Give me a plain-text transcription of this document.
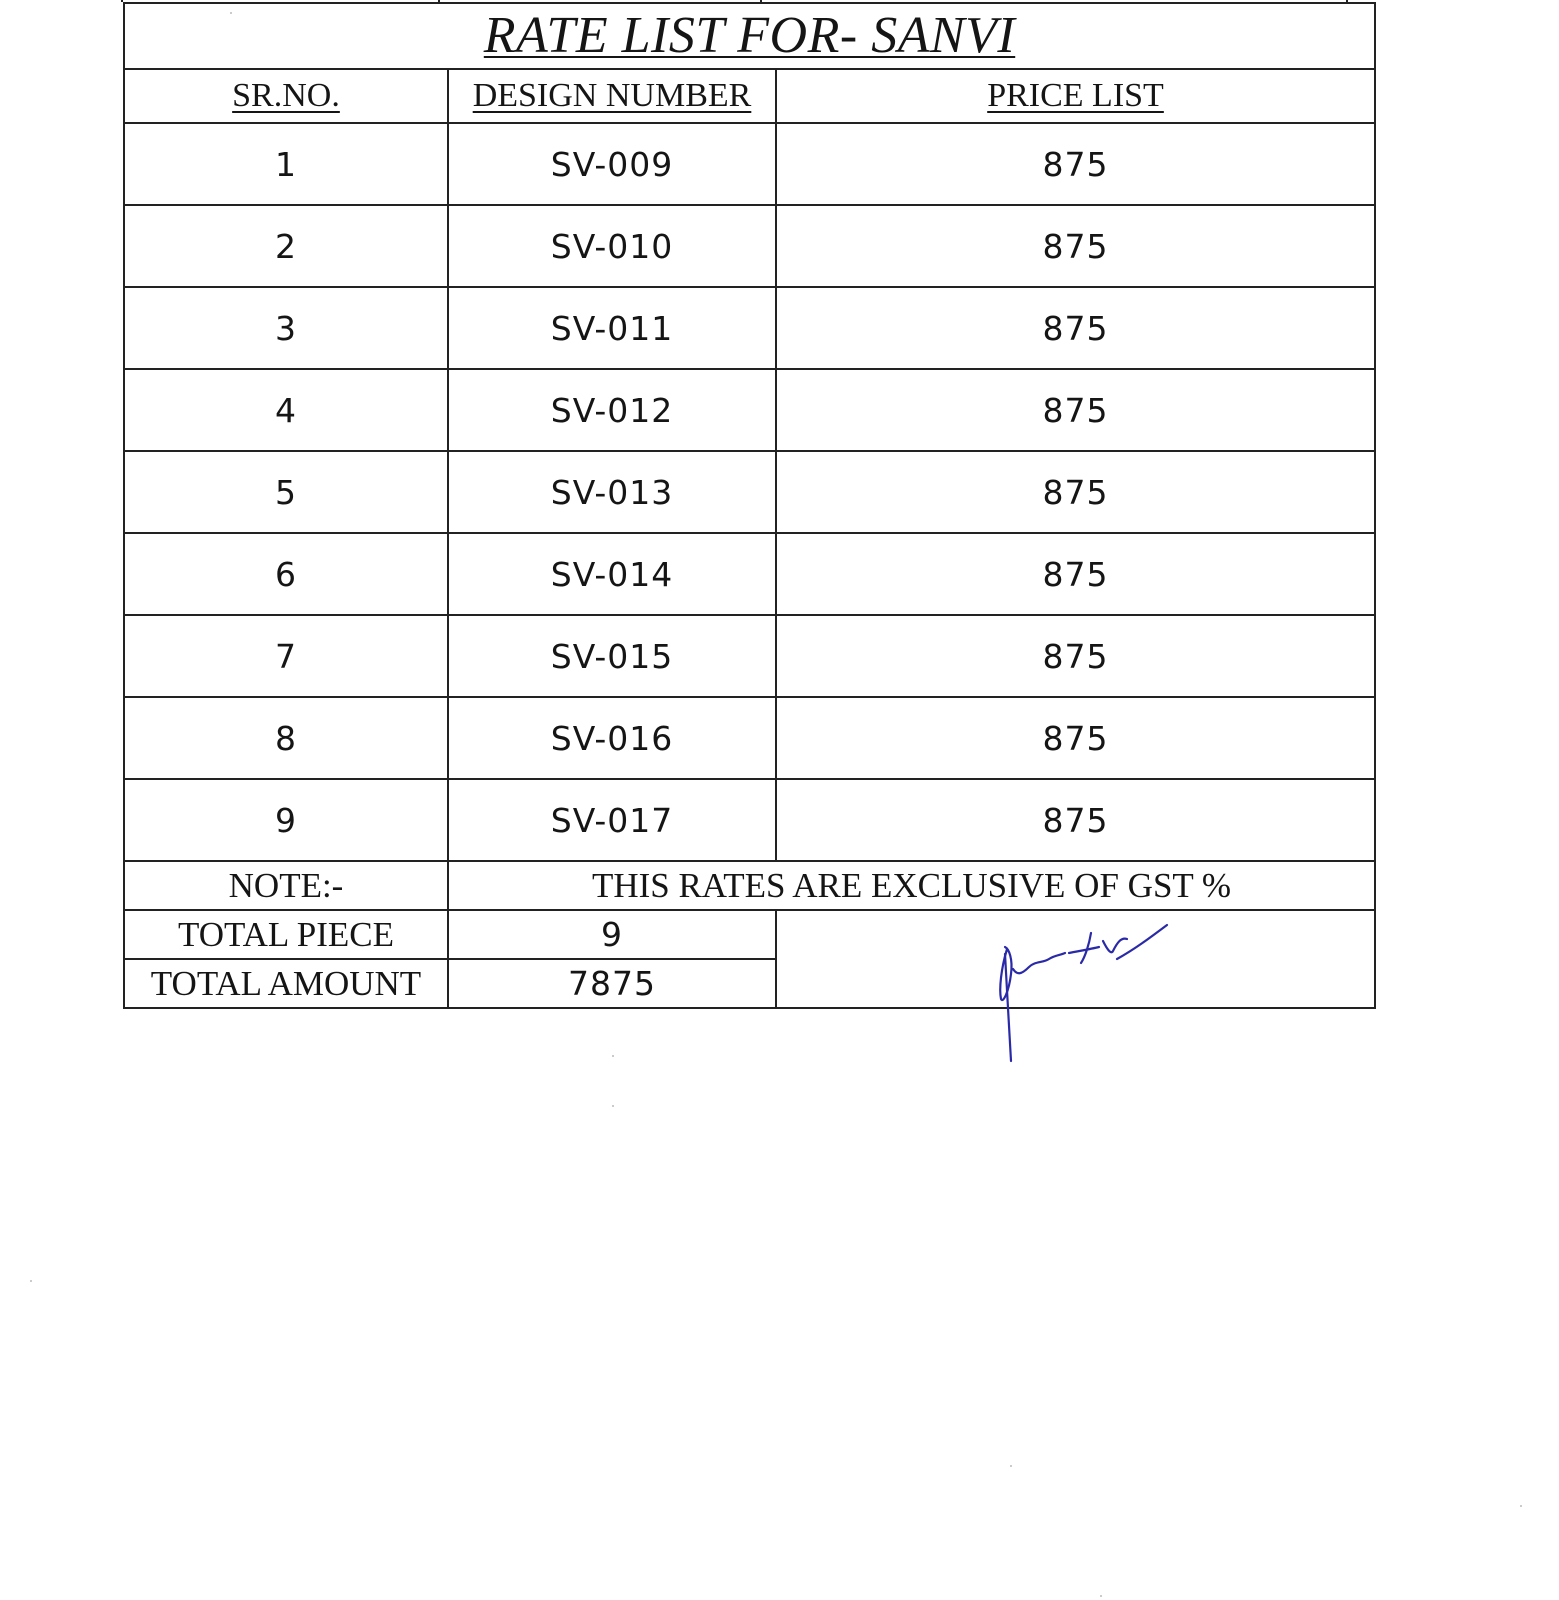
RATE LIST FOR- SANVI		
SR.NO.	DESIGN NUMBER	PRICE LIST
1	SV-009	875
2	SV-010	875
3	SV-011	875
4	SV-012	875
5	SV-013	875
6	SV-014	875
7	SV-015	875
8	SV-016	875
9	SV-017	875
NOTE:-	THIS RATES ARE EXCLUSIVE OF GST %	
TOTAL PIECE	9	

TOTAL AMOUNT	7875	
